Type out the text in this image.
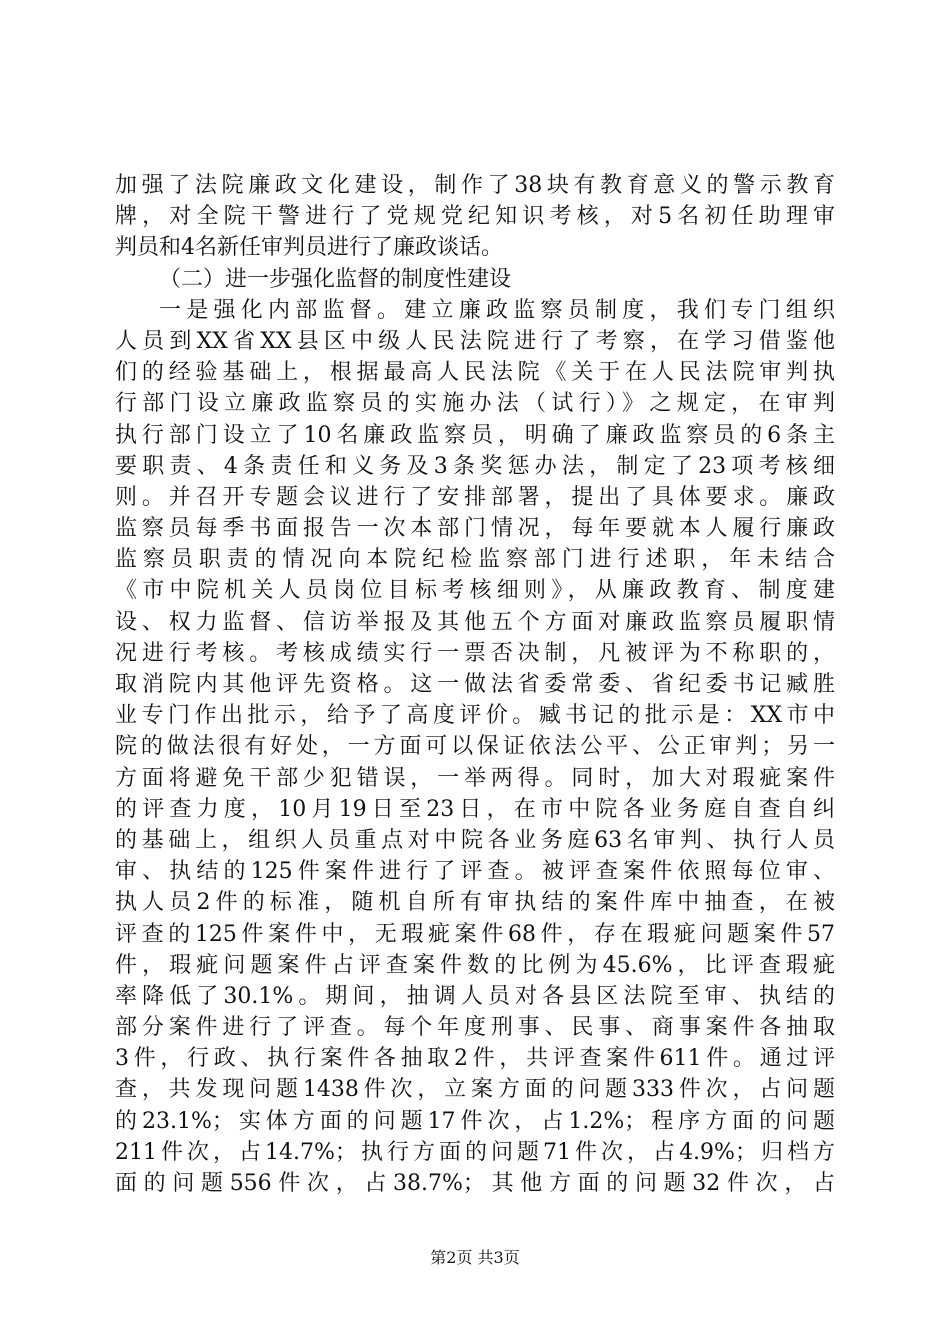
加强了法院廉政文化建设，制作了38块有教育意义的警示教育
牌，对全院干警进行了党规党纪知识考核，对5名初任助理审
判员和4名新任审判员进行了廉政谈话。
（二）进一步强化监督的制度性建设
一是强化内部监督。建立廉政监察员制度，我们专门组织
人员到XX省XX县区中级人民法院进行了考察，在学习借鉴他
们的经验基础上，根据最高人民法院《关于在人民法院审判执
行部门设立廉政监察员的实施办法（试行）》之规定，在审判
执行部门设立了10名廉政监察员，明确了廉政监察员的6条主
要职责、4条责任和义务及3条奖惩办法，制定了23项考核细
则。并召开专题会议进行了安排部署，提出了具体要求。廉政
监察员每季书面报告一次本部门情况，每年要就本人履行廉政
监察员职责的情况向本院纪检监察部门进行述职，年未结合
《市中院机关人员岗位目标考核细则》，从廉政教育、制度建
设、权力监督、信访举报及其他五个方面对廉政监察员履职情
况进行考核。考核成绩实行一票否决制，凡被评为不称职的，
取消院内其他评先资格。这一做法省委常委、省纪委书记臧胜
业专门作出批示，给予了高度评价。臧书记的批示是：XX市中
院的做法很有好处，一方面可以保证依法公平、公正审判；另一
方面将避免干部少犯错误，一举两得。同时，加大对瑕疵案件
的评查力度，10月19日至23日，在市中院各业务庭自查自纠
的基础上，组织人员重点对中院各业务庭63名审判、执行人员
审、执结的125件案件进行了评查。被评查案件依照每位审、
执人员2件的标准，随机自所有审执结的案件库中抽查，在被
评查的125件案件中，无瑕疵案件68件，存在瑕疵问题案件57
件，瑕疵问题案件占评查案件数的比例为45.6%，比评查瑕疵
率降低了30.1%。期间，抽调人员对各县区法院至审、执结的
部分案件进行了评查。每个年度刑事、民事、商事案件各抽取
3件，行政、执行案件各抽取2件，共评查案件611件。通过评
查，共发现问题1438件次，立案方面的问题333件次，占问题
的23.1%；实体方面的问题17件次，占1.2%；程序方面的问题
211件次，占14.7%；执行方面的问题71件次，占4.9%；归档方
面的问题556件次，占38.7%；其他方面的问题32件次，占
第2页 共3页
